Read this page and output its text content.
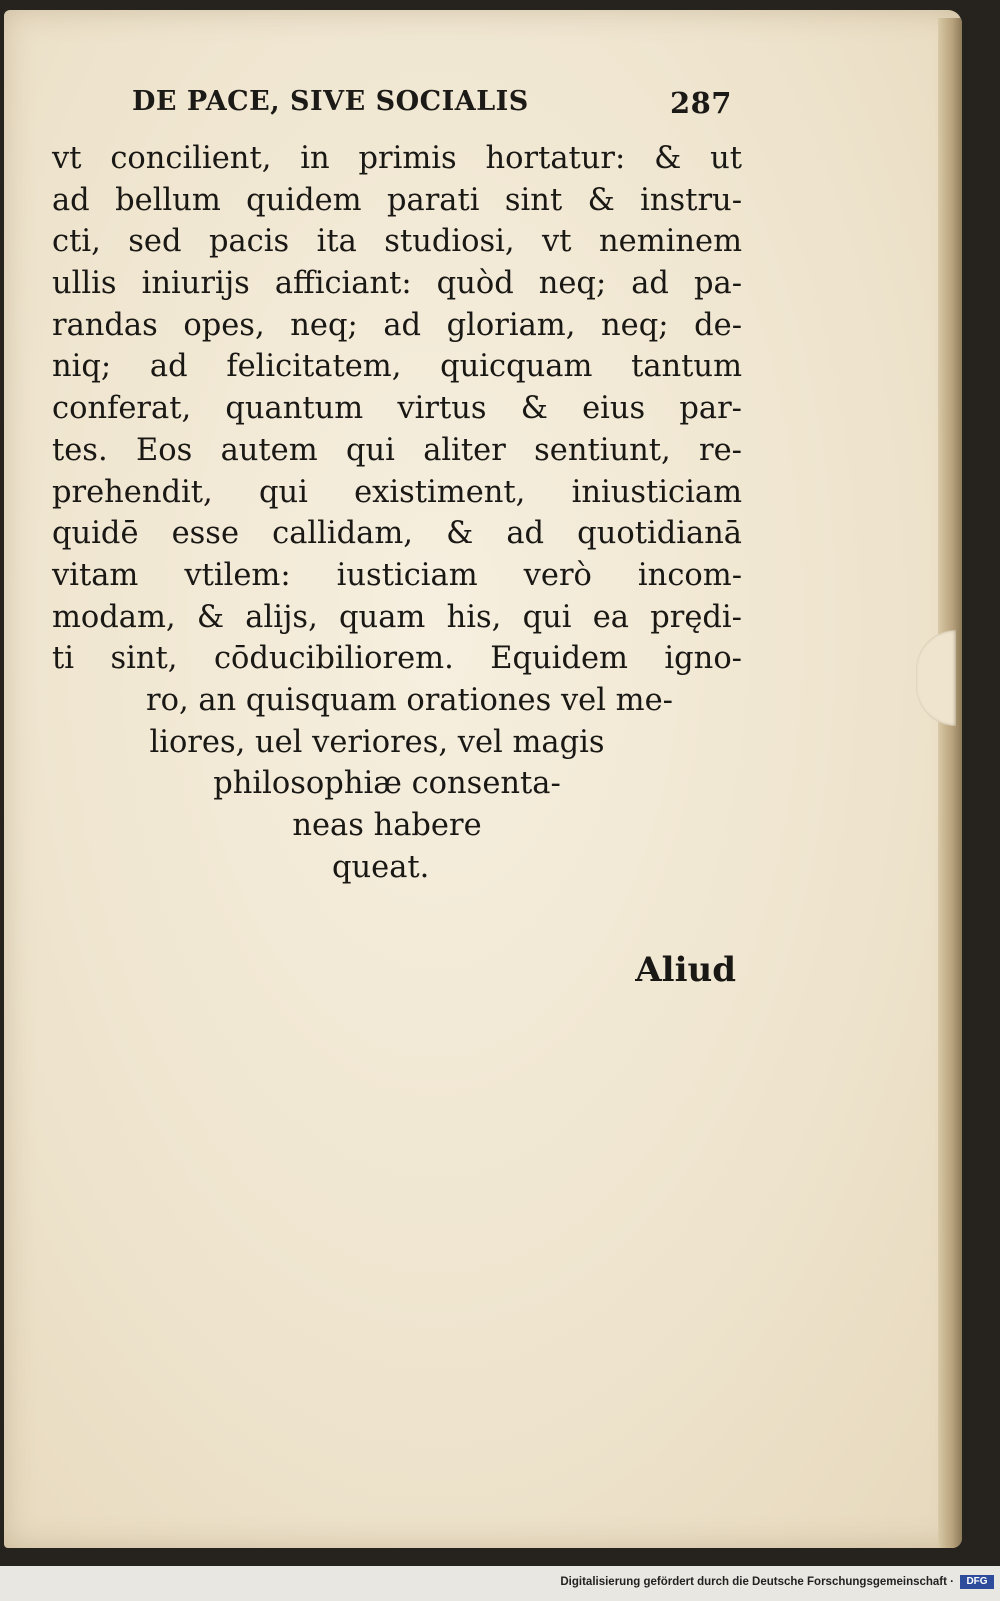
DE PACE, SIVE SOCIALIS	287
vt concilient, in primis hortatur: & ut
ad bellum quidem parati sint & instru-
cti, sed pacis ita studiosi, vt neminem
ullis iniurijs afficiant: quòd neq; ad pa-
randas opes, neq; ad gloriam, neq; de-
niq; ad felicitatem, quicquam tantum
conferat, quantum virtus & eius par-
tes. Eos autem qui aliter sentiunt, re-
prehendit, qui existiment, iniusticiam
quidē esse callidam, & ad quotidianā
vitam vtilem: iusticiam verò incom-
modam, & alijs, quam his, qui ea prędi-
ti sint, cōducibiliorem. Equidem igno-
ro, an quisquam orationes vel me-
liores, uel veriores, vel magis
philosophiæ consenta-
neas habere
queat.
Aliud
Digitalisierung gefördert durch die Deutsche Forschungsgemeinschaft ·	DFG
